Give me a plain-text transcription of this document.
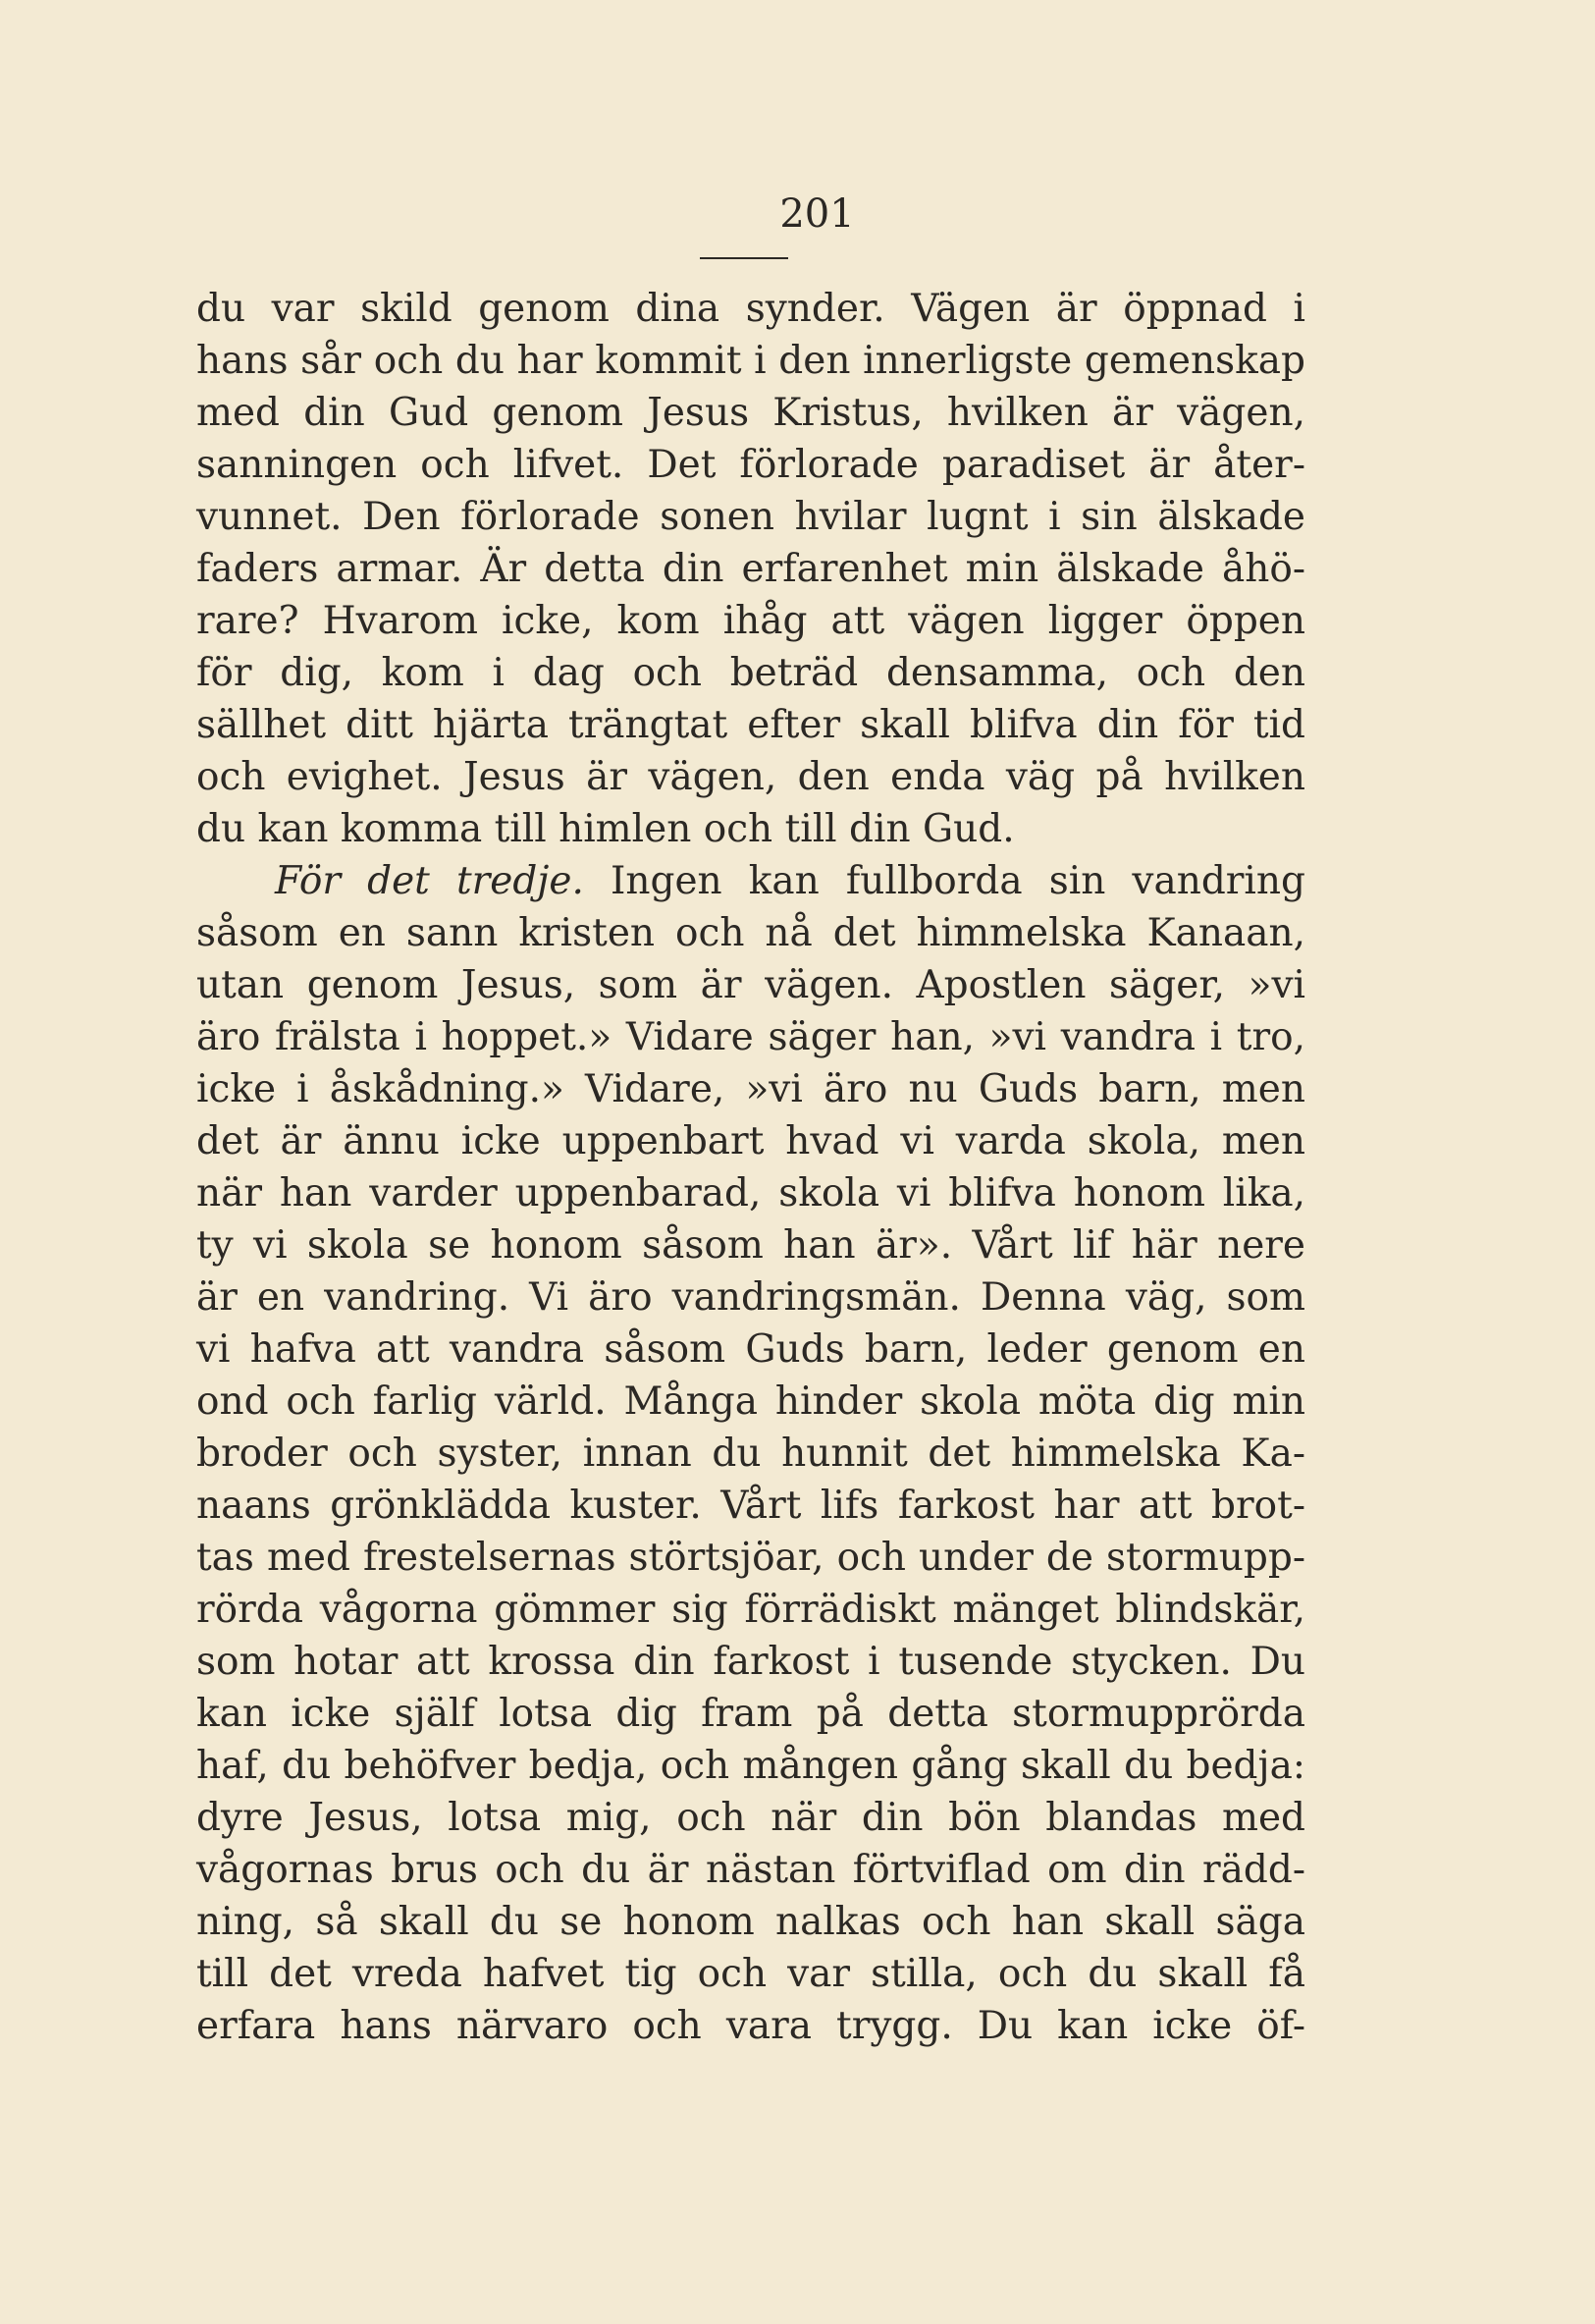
201
du var skild genom dina synder. Vägen är öppnad i
hans sår och du har kommit i den innerligste gemenskap
med din Gud genom Jesus Kristus, hvilken är vägen,
sanningen och lifvet. Det förlorade paradiset är åter-
vunnet. Den förlorade sonen hvilar lugnt i sin älskade
faders armar. Är detta din erfarenhet min älskade åhö-
rare? Hvarom icke, kom ihåg att vägen ligger öppen
för dig, kom i dag och beträd densamma, och den
sällhet ditt hjärta trängtat efter skall blifva din för tid
och evighet. Jesus är vägen, den enda väg på hvilken
du kan komma till himlen och till din Gud.
För det tredje. Ingen kan fullborda sin vandring
såsom en sann kristen och nå det himmelska Kanaan,
utan genom Jesus, som är vägen. Apostlen säger, »vi
äro frälsta i hoppet.» Vidare säger han, »vi vandra i tro,
icke i åskådning.» Vidare, »vi äro nu Guds barn, men
det är ännu icke uppenbart hvad vi varda skola, men
när han varder uppenbarad, skola vi blifva honom lika,
ty vi skola se honom såsom han är». Vårt lif här nere
är en vandring. Vi äro vandringsmän. Denna väg, som
vi hafva att vandra såsom Guds barn, leder genom en
ond och farlig värld. Många hinder skola möta dig min
broder och syster, innan du hunnit det himmelska Ka-
naans grönklädda kuster. Vårt lifs farkost har att brot-
tas med frestelsernas störtsjöar, och under de stormupp-
rörda vågorna gömmer sig förrädiskt mänget blindskär,
som hotar att krossa din farkost i tusende stycken. Du
kan icke själf lotsa dig fram på detta stormupprörda
haf, du behöfver bedja, och mången gång skall du bedja:
dyre Jesus, lotsa mig, och när din bön blandas med
vågornas brus och du är nästan förtviflad om din rädd-
ning, så skall du se honom nalkas och han skall säga
till det vreda hafvet tig och var stilla, och du skall få
erfara hans närvaro och vara trygg. Du kan icke öf-
